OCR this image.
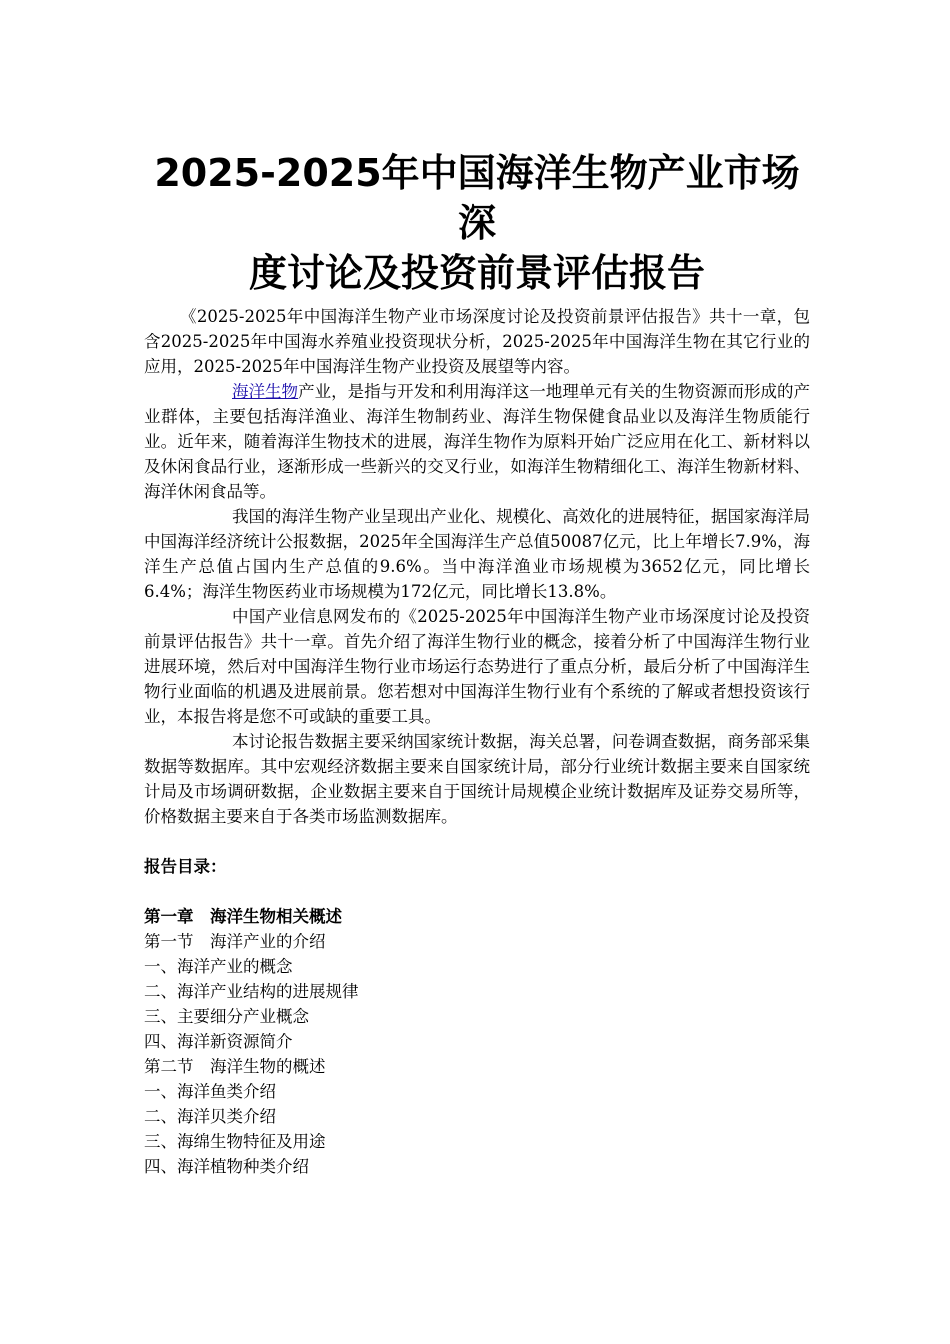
2025-2025年中国海洋生物产业市场深
度讨论及投资前景评估报告

《2025-2025年中国海洋生物产业市场深度讨论及投资前景评估报告》共十一章，包含2025-2025年中国海水养殖业投资现状分析，2025-2025年中国海洋生物在其它行业的应用，2025-2025年中国海洋生物产业投资及展望等内容。

海洋生物产业，是指与开发和利用海洋这一地理单元有关的生物资源而形成的产业群体，主要包括海洋渔业、海洋生物制药业、海洋生物保健食品业以及海洋生物质能行业。近年来，随着海洋生物技术的进展，海洋生物作为原料开始广泛应用在化工、新材料以及休闲食品行业，逐渐形成一些新兴的交叉行业，如海洋生物精细化工、海洋生物新材料、海洋休闲食品等。

我国的海洋生物产业呈现出产业化、规模化、高效化的进展特征，据国家海洋局中国海洋经济统计公报数据，2025年全国海洋生产总值50087亿元，比上年增长7.9%，海洋生产总值占国内生产总值的9.6%。当中海洋渔业市场规模为3652亿元，同比增长6.4%；海洋生物医药业市场规模为172亿元，同比增长13.8%。

中国产业信息网发布的《2025-2025年中国海洋生物产业市场深度讨论及投资前景评估报告》共十一章。首先介绍了海洋生物行业的概念，接着分析了中国海洋生物行业进展环境，然后对中国海洋生物行业市场运行态势进行了重点分析，最后分析了中国海洋生物行业面临的机遇及进展前景。您若想对中国海洋生物行业有个系统的了解或者想投资该行业，本报告将是您不可或缺的重要工具。

本讨论报告数据主要采纳国家统计数据，海关总署，问卷调查数据，商务部采集数据等数据库。其中宏观经济数据主要来自国家统计局，部分行业统计数据主要来自国家统计局及市场调研数据，企业数据主要来自于国统计局规模企业统计数据库及证券交易所等，价格数据主要来自于各类市场监测数据库。

报告目录：
第一章　海洋生物相关概述
第一节　海洋产业的介绍
一、海洋产业的概念
二、海洋产业结构的进展规律
三、主要细分产业概念
四、海洋新资源简介
第二节　海洋生物的概述
一、海洋鱼类介绍
二、海洋贝类介绍
三、海绵生物特征及用途
四、海洋植物种类介绍
